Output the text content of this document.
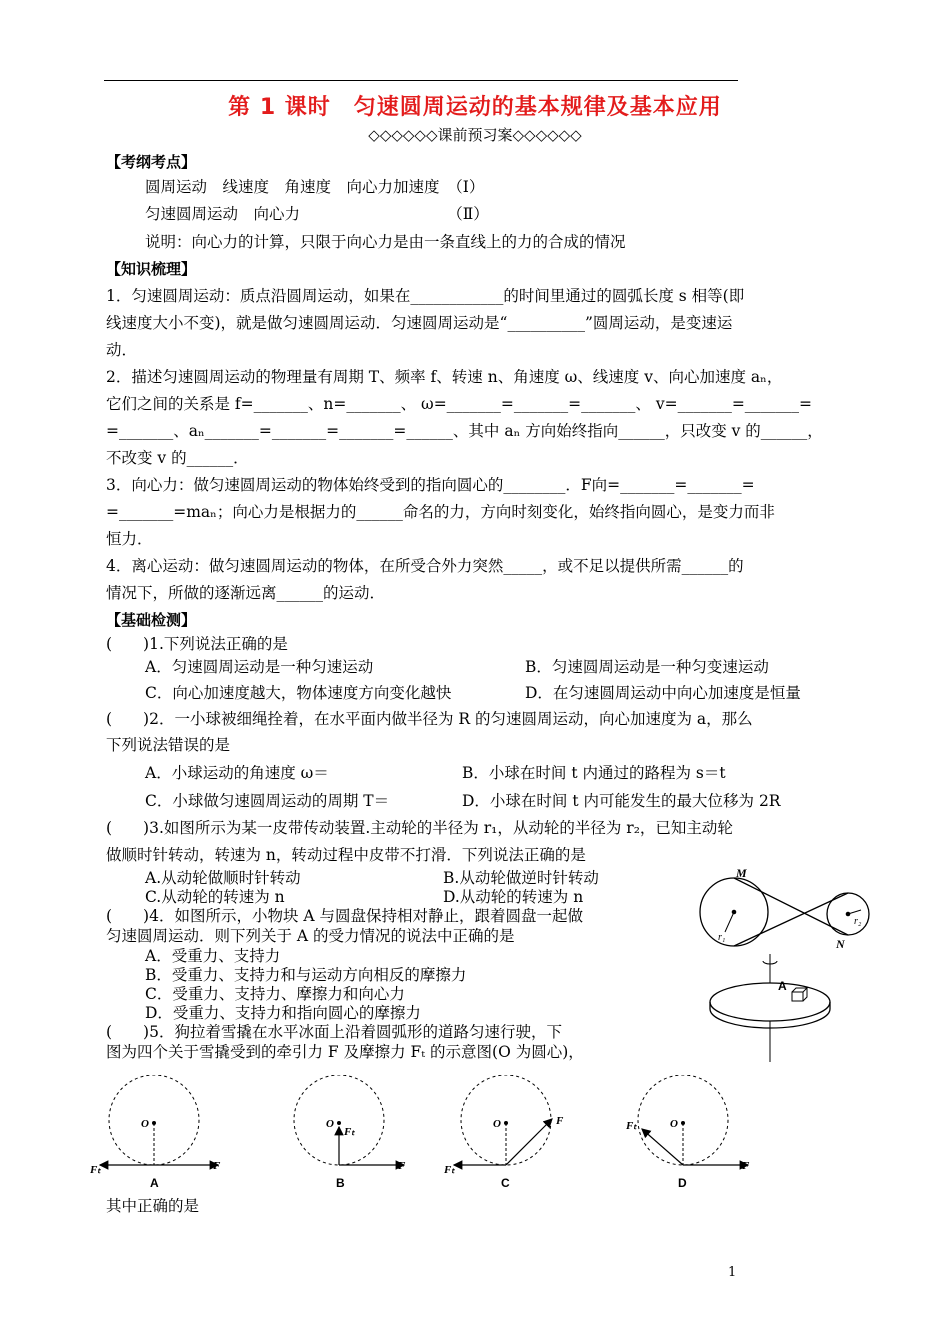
第 1 课时　匀速圆周运动的基本规律及基本应用
◇◇◇◇◇◇课前预习案◇◇◇◇◇◇
【考纲考点】
圆周运动　线速度　角速度　向心力加速度　（Ⅰ）
匀速圆周运动　向心力　　　　　　　　　　（Ⅱ）
说明：向心力的计算，只限于向心力是由一条直线上的力的合成的情况
【知识梳理】
1．匀速圆周运动：质点沿圆周运动，如果在____________的时间里通过的圆弧长度 s 相等(即
线速度大小不变)，就是做匀速圆周运动．匀速圆周运动是“__________”圆周运动，是变速运
动．
2．描述匀速圆周运动的物理量有周期 T、频率 f、转速 n、角速度 ω、线速度 v、向心加速度 aₙ，
它们之间的关系是 f=_______、n=_______、 ω=_______=_______=_______、 v=_______=_______=
=_______、aₙ_______=_______=_______=______、其中 aₙ 方向始终指向______，只改变 v 的______，
不改变 v 的______．
3．向心力：做匀速圆周运动的物体始终受到的指向圆心的________．F向=_______=_______=
=_______=maₙ；向心力是根据力的______命名的力，方向时刻变化，始终指向圆心，是变力而非
恒力．
4．离心运动：做匀速圆周运动的物体，在所受合外力突然_____，或不足以提供所需______的
情况下，所做的逐渐远离______的运动．
【基础检测】
(　　)1.下列说法正确的是
A．匀速圆周运动是一种匀速运动	B．匀速圆周运动是一种匀变速运动
C．向心加速度越大，物体速度方向变化越快	D．在匀速圆周运动中向心加速度是恒量
(　　)2．一小球被细绳拴着，在水平面内做半径为 R 的匀速圆周运动，向心加速度为 a，那么
下列说法错误的是
A．小球运动的角速度 ω＝	B．小球在时间 t 内通过的路程为 s＝t
C．小球做匀速圆周运动的周期 T＝	D．小球在时间 t 内可能发生的最大位移为 2R
(　　)3.如图所示为某一皮带传动装置.主动轮的半径为 r₁，从动轮的半径为 r₂，已知主动轮
做顺时针转动，转速为 n，转动过程中皮带不打滑．下列说法正确的是
A.从动轮做顺时针转动	B.从动轮做逆时针转动
C.从动轮的转速为 n	D.从动轮的转速为 n
(　　)4．如图所示，小物块 A 与圆盘保持相对静止，跟着圆盘一起做
匀速圆周运动．则下列关于 A 的受力情况的说法中正确的是
A．受重力、支持力
B．受重力、支持力和与运动方向相反的摩擦力
C．受重力、支持力、摩擦力和向心力
D．受重力、支持力和指向圆心的摩擦力
(　　)5．狗拉着雪撬在水平冰面上沿着圆弧形的道路匀速行驶，下
图为四个关于雪撬受到的牵引力 F 及摩擦力 Fₜ 的示意图(O 为圆心)，
M
N
r₁
r₂
A
O
F
Fₜ
A
O
Fₜ
F
B
O	F
Fₜ
C
O
Fₜ
F
D
其中正确的是
1
